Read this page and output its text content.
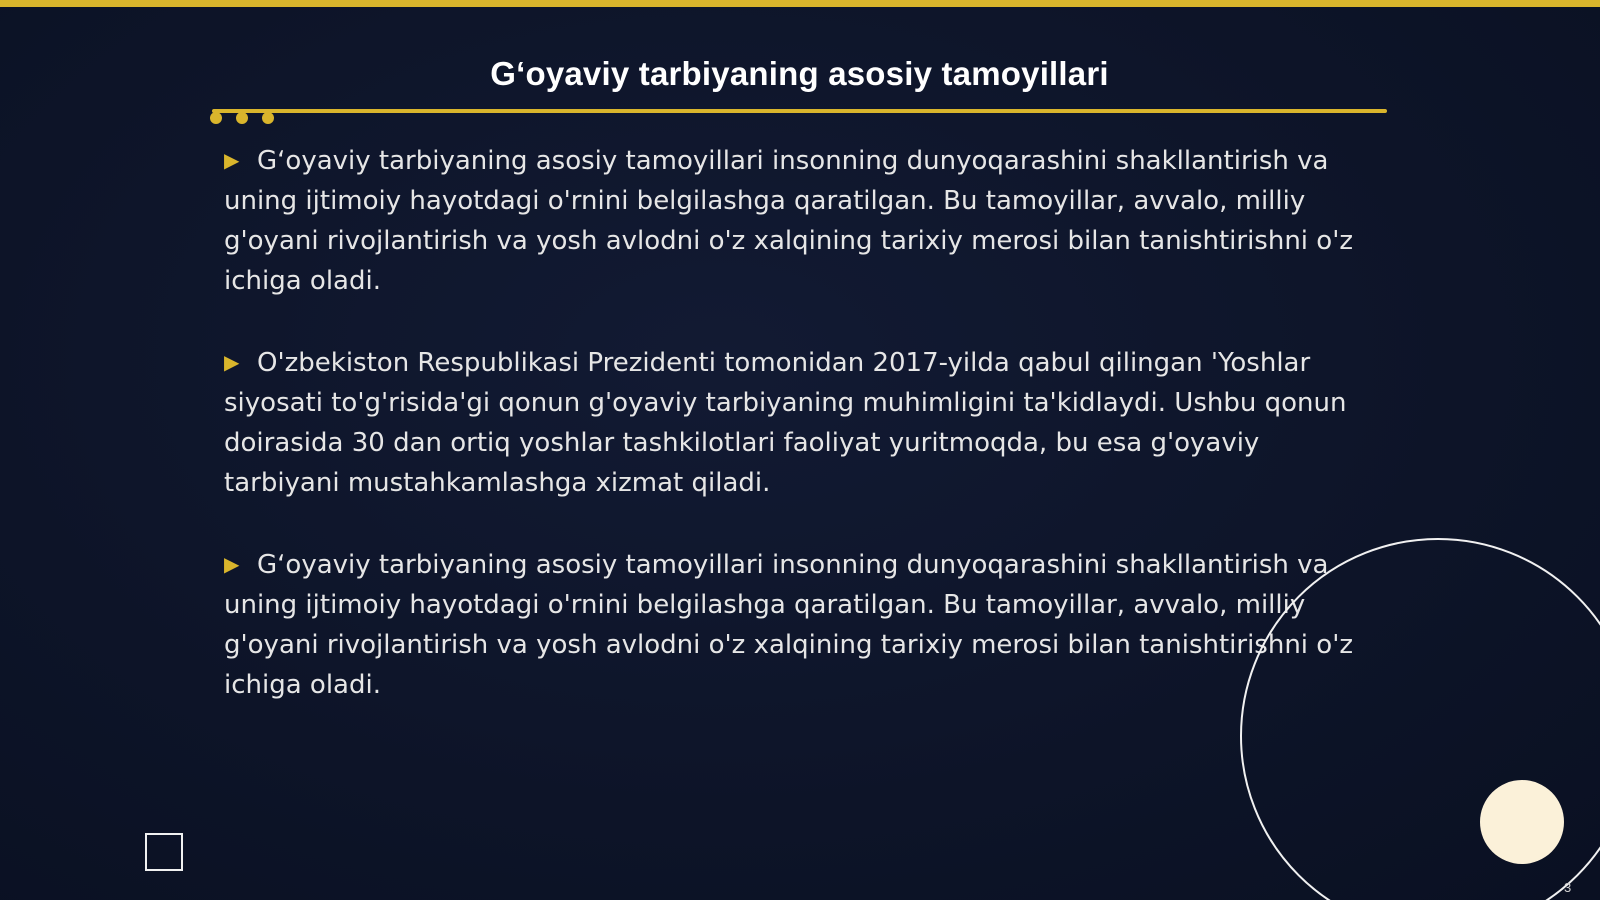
Gʻoyaviy tarbiyaning asosiy tamoyillari

▶ Gʻoyaviy tarbiyaning asosiy tamoyillari insonning dunyoqarashini shakllantirish va uning ijtimoiy hayotdagi o'rnini belgilashga qaratilgan. Bu tamoyillar, avvalo, milliy g'oyani rivojlantirish va yosh avlodni o'z xalqining tarixiy merosi bilan tanishtirishni o'z ichiga oladi.

▶ O'zbekiston Respublikasi Prezidenti tomonidan 2017-yilda qabul qilingan 'Yoshlar siyosati to'g'risida'gi qonun g'oyaviy tarbiyaning muhimligini ta'kidlaydi. Ushbu qonun doirasida 30 dan ortiq yoshlar tashkilotlari faoliyat yuritmoqda, bu esa g'oyaviy tarbiyani mustahkamlashga xizmat qiladi.

▶ Gʻoyaviy tarbiyaning asosiy tamoyillari insonning dunyoqarashini shakllantirish va uning ijtimoiy hayotdagi o'rnini belgilashga qaratilgan. Bu tamoyillar, avvalo, milliy g'oyani rivojlantirish va yosh avlodni o'z xalqining tarixiy merosi bilan tanishtirishni o'z ichiga oladi.

3
